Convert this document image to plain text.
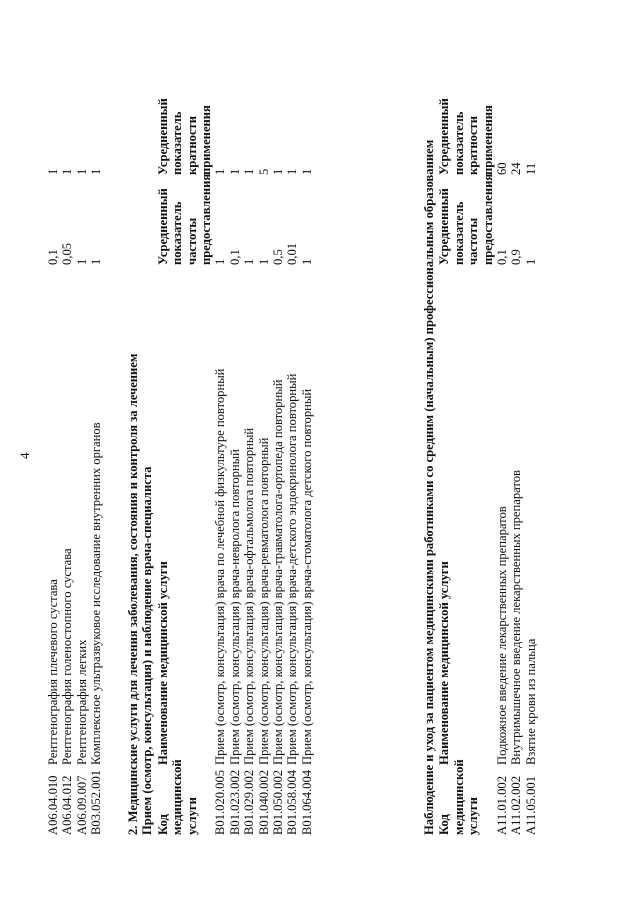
4
A06.04.010
Рентгенография плечевого сустава
0,1
1
A06.04.012
Рентгенография голеностопного сустава
0,05
1
A06.09.007
Рентгенография легких
1
1
B03.052.001
Комплексное ультразвуковое исследование внутренних органов
1
1
2. Медицинские услуги для лечения заболевания, состояния и контроля за лечением Прием (осмотр, консультация) и наблюдение врача-специалиста Код медицинской услуги
Наименование медицинской услуги
Усредненный показатель частоты предоставления
Усредненный показатель кратности применения
B01.020.005
Прием (осмотр, консультация) врача по лечебной физкультуре повторный
1
1
B01.023.002
Прием (осмотр, консультация) врача-невролога повторный
0,1
1
B01.029.002
Прием (осмотр, консультация) врача-офтальмолога повторный
1
1
B01.040.002
Прием (осмотр, консультация) врача-ревматолога повторный
1
5
B01.050.002
Прием (осмотр, консультация) врача-травматолога-ортопеда повторный
0,5
1
B01.058.004
Прием (осмотр, консультация) врача-детского эндокринолога повторный
0,01
1
B01.064.004
Прием (осмотр, консультация) врача-стоматолога детского повторный
1
1	Наблюдение и уход за пациентом медицинскими работниками со средним (начальным) профессиональным образованием Код медицинской услуги
Наименование медицинской услуги
Усредненный показатель частоты предоставления
Усредненный показатель кратности применения
A11.01.002
Подкожное введение лекарственных препаратов
0,1
60
A11.02.002
Внутримышечное введение лекарственных препаратов
0,9
24
A11.05.001
Взятие крови из пальца
1
11
